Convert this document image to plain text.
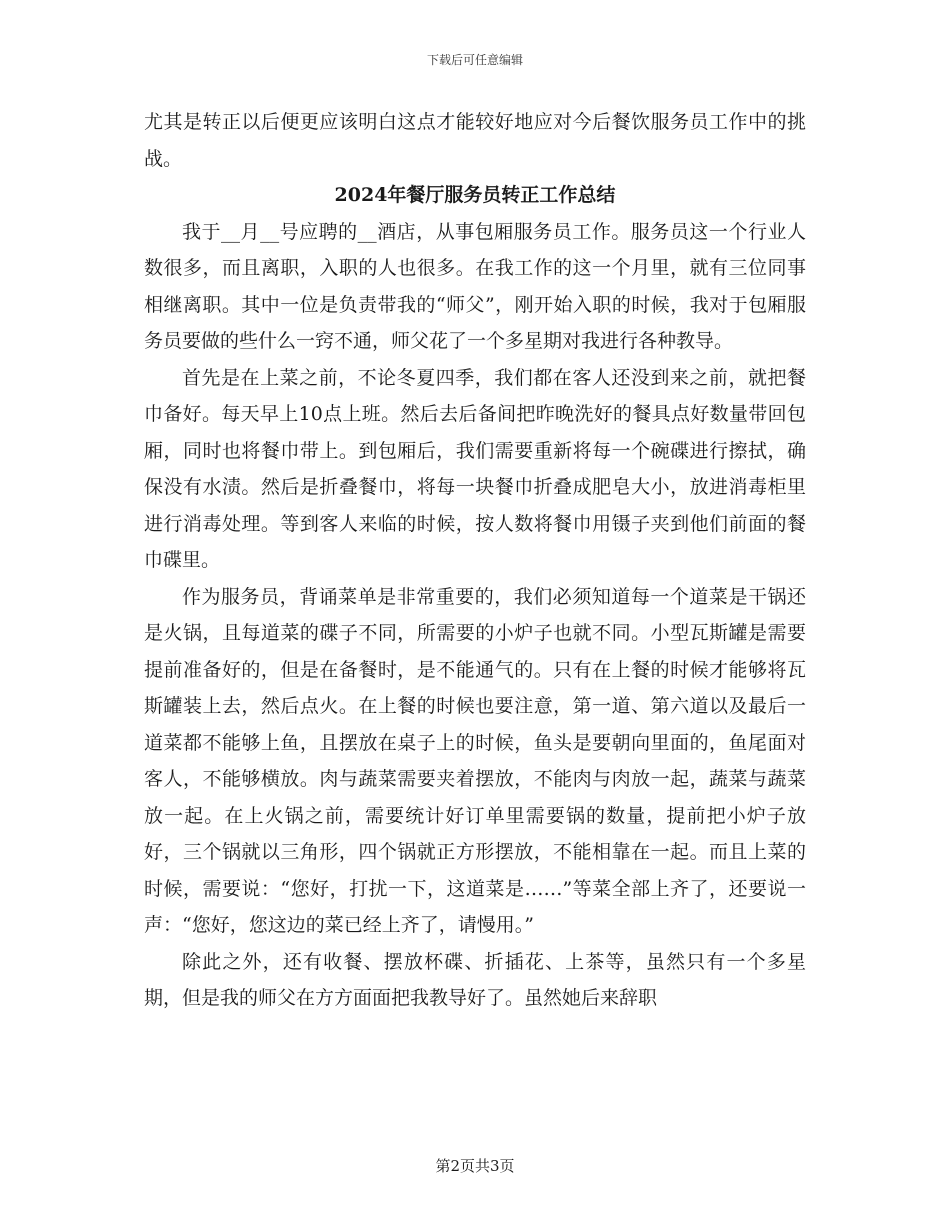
下载后可任意编辑

尤其是转正以后便更应该明白这点才能较好地应对今后餐饮服务员工作中的挑战。

2024年餐厅服务员转正工作总结

我于__月__号应聘的__酒店，从事包厢服务员工作。服务员这一个行业人数很多，而且离职，入职的人也很多。在我工作的这一个月里，就有三位同事相继离职。其中一位是负责带我的“师父”，刚开始入职的时候，我对于包厢服务员要做的些什么一窍不通，师父花了一个多星期对我进行各种教导。

首先是在上菜之前，不论冬夏四季，我们都在客人还没到来之前，就把餐巾备好。每天早上10点上班。然后去后备间把昨晚洗好的餐具点好数量带回包厢，同时也将餐巾带上。到包厢后，我们需要重新将每一个碗碟进行擦拭，确保没有水渍。然后是折叠餐巾，将每一块餐巾折叠成肥皂大小，放进消毒柜里进行消毒处理。等到客人来临的时候，按人数将餐巾用镊子夹到他们前面的餐巾碟里。

作为服务员，背诵菜单是非常重要的，我们必须知道每一个道菜是干锅还是火锅，且每道菜的碟子不同，所需要的小炉子也就不同。小型瓦斯罐是需要提前准备好的，但是在备餐时，是不能通气的。只有在上餐的时候才能够将瓦斯罐装上去，然后点火。在上餐的时候也要注意，第一道、第六道以及最后一道菜都不能够上鱼，且摆放在桌子上的时候，鱼头是要朝向里面的，鱼尾面对客人，不能够横放。肉与蔬菜需要夹着摆放，不能肉与肉放一起，蔬菜与蔬菜放一起。在上火锅之前，需要统计好订单里需要锅的数量，提前把小炉子放好，三个锅就以三角形，四个锅就正方形摆放，不能相靠在一起。而且上菜的时候，需要说：“您好，打扰一下，这道菜是……”等菜全部上齐了，还要说一声：“您好，您这边的菜已经上齐了，请慢用。”

除此之外，还有收餐、摆放杯碟、折插花、上茶等，虽然只有一个多星期，但是我的师父在方方面面把我教导好了。虽然她后来辞职

第2页共3页
